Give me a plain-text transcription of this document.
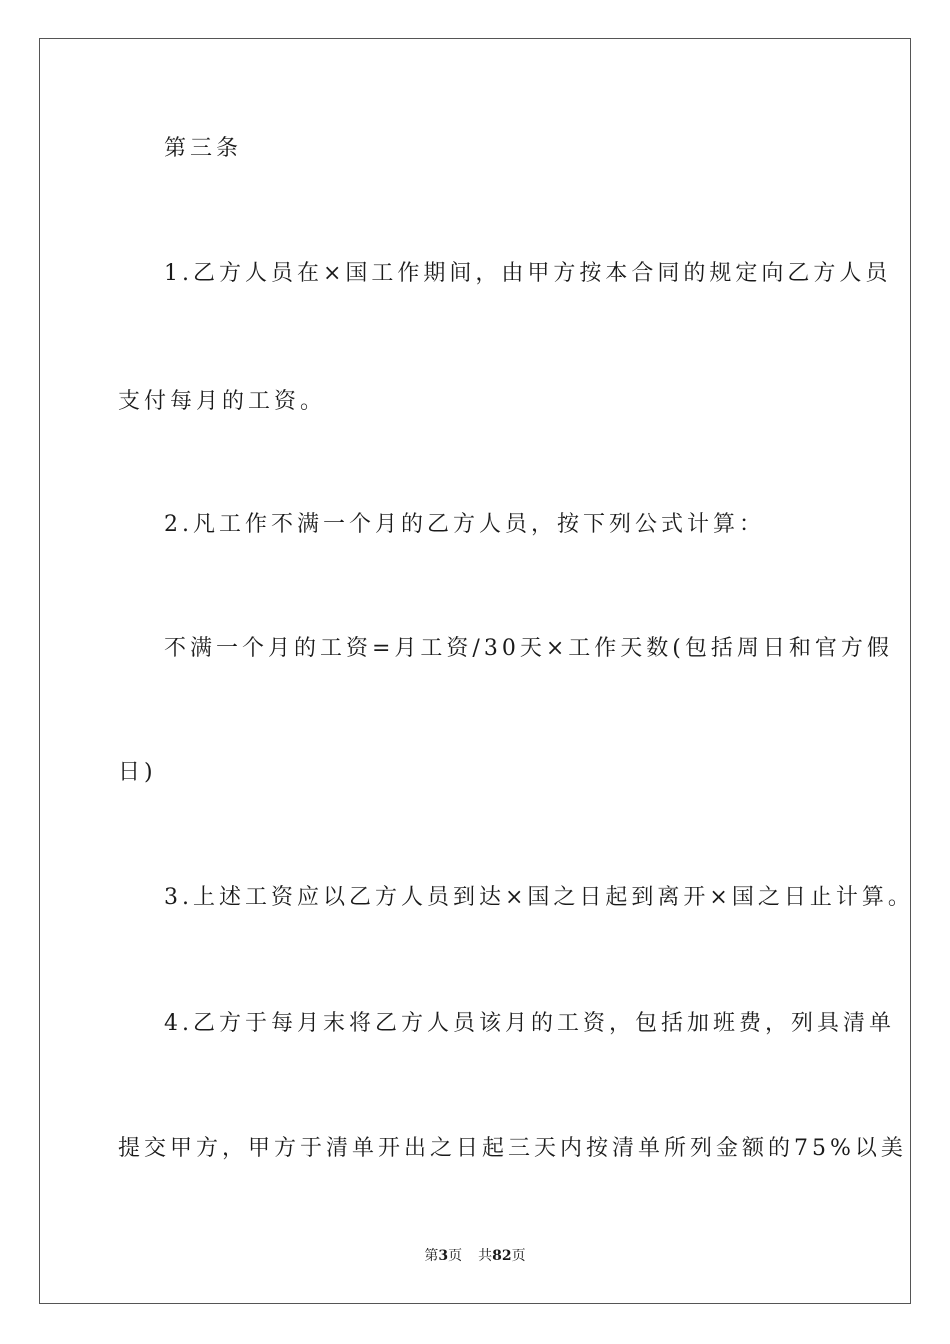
第三条

1.乙方人员在×国工作期间，由甲方按本合同的规定向乙方人员

支付每月的工资。

2.凡工作不满一个月的乙方人员，按下列公式计算：

不满一个月的工资=月工资/30天×工作天数(包括周日和官方假

日)

3.上述工资应以乙方人员到达×国之日起到离开×国之日止计算。

4.乙方于每月末将乙方人员该月的工资，包括加班费，列具清单

提交甲方，甲方于清单开出之日起三天内按清单所列金额的75%以美

第3页 共82页
